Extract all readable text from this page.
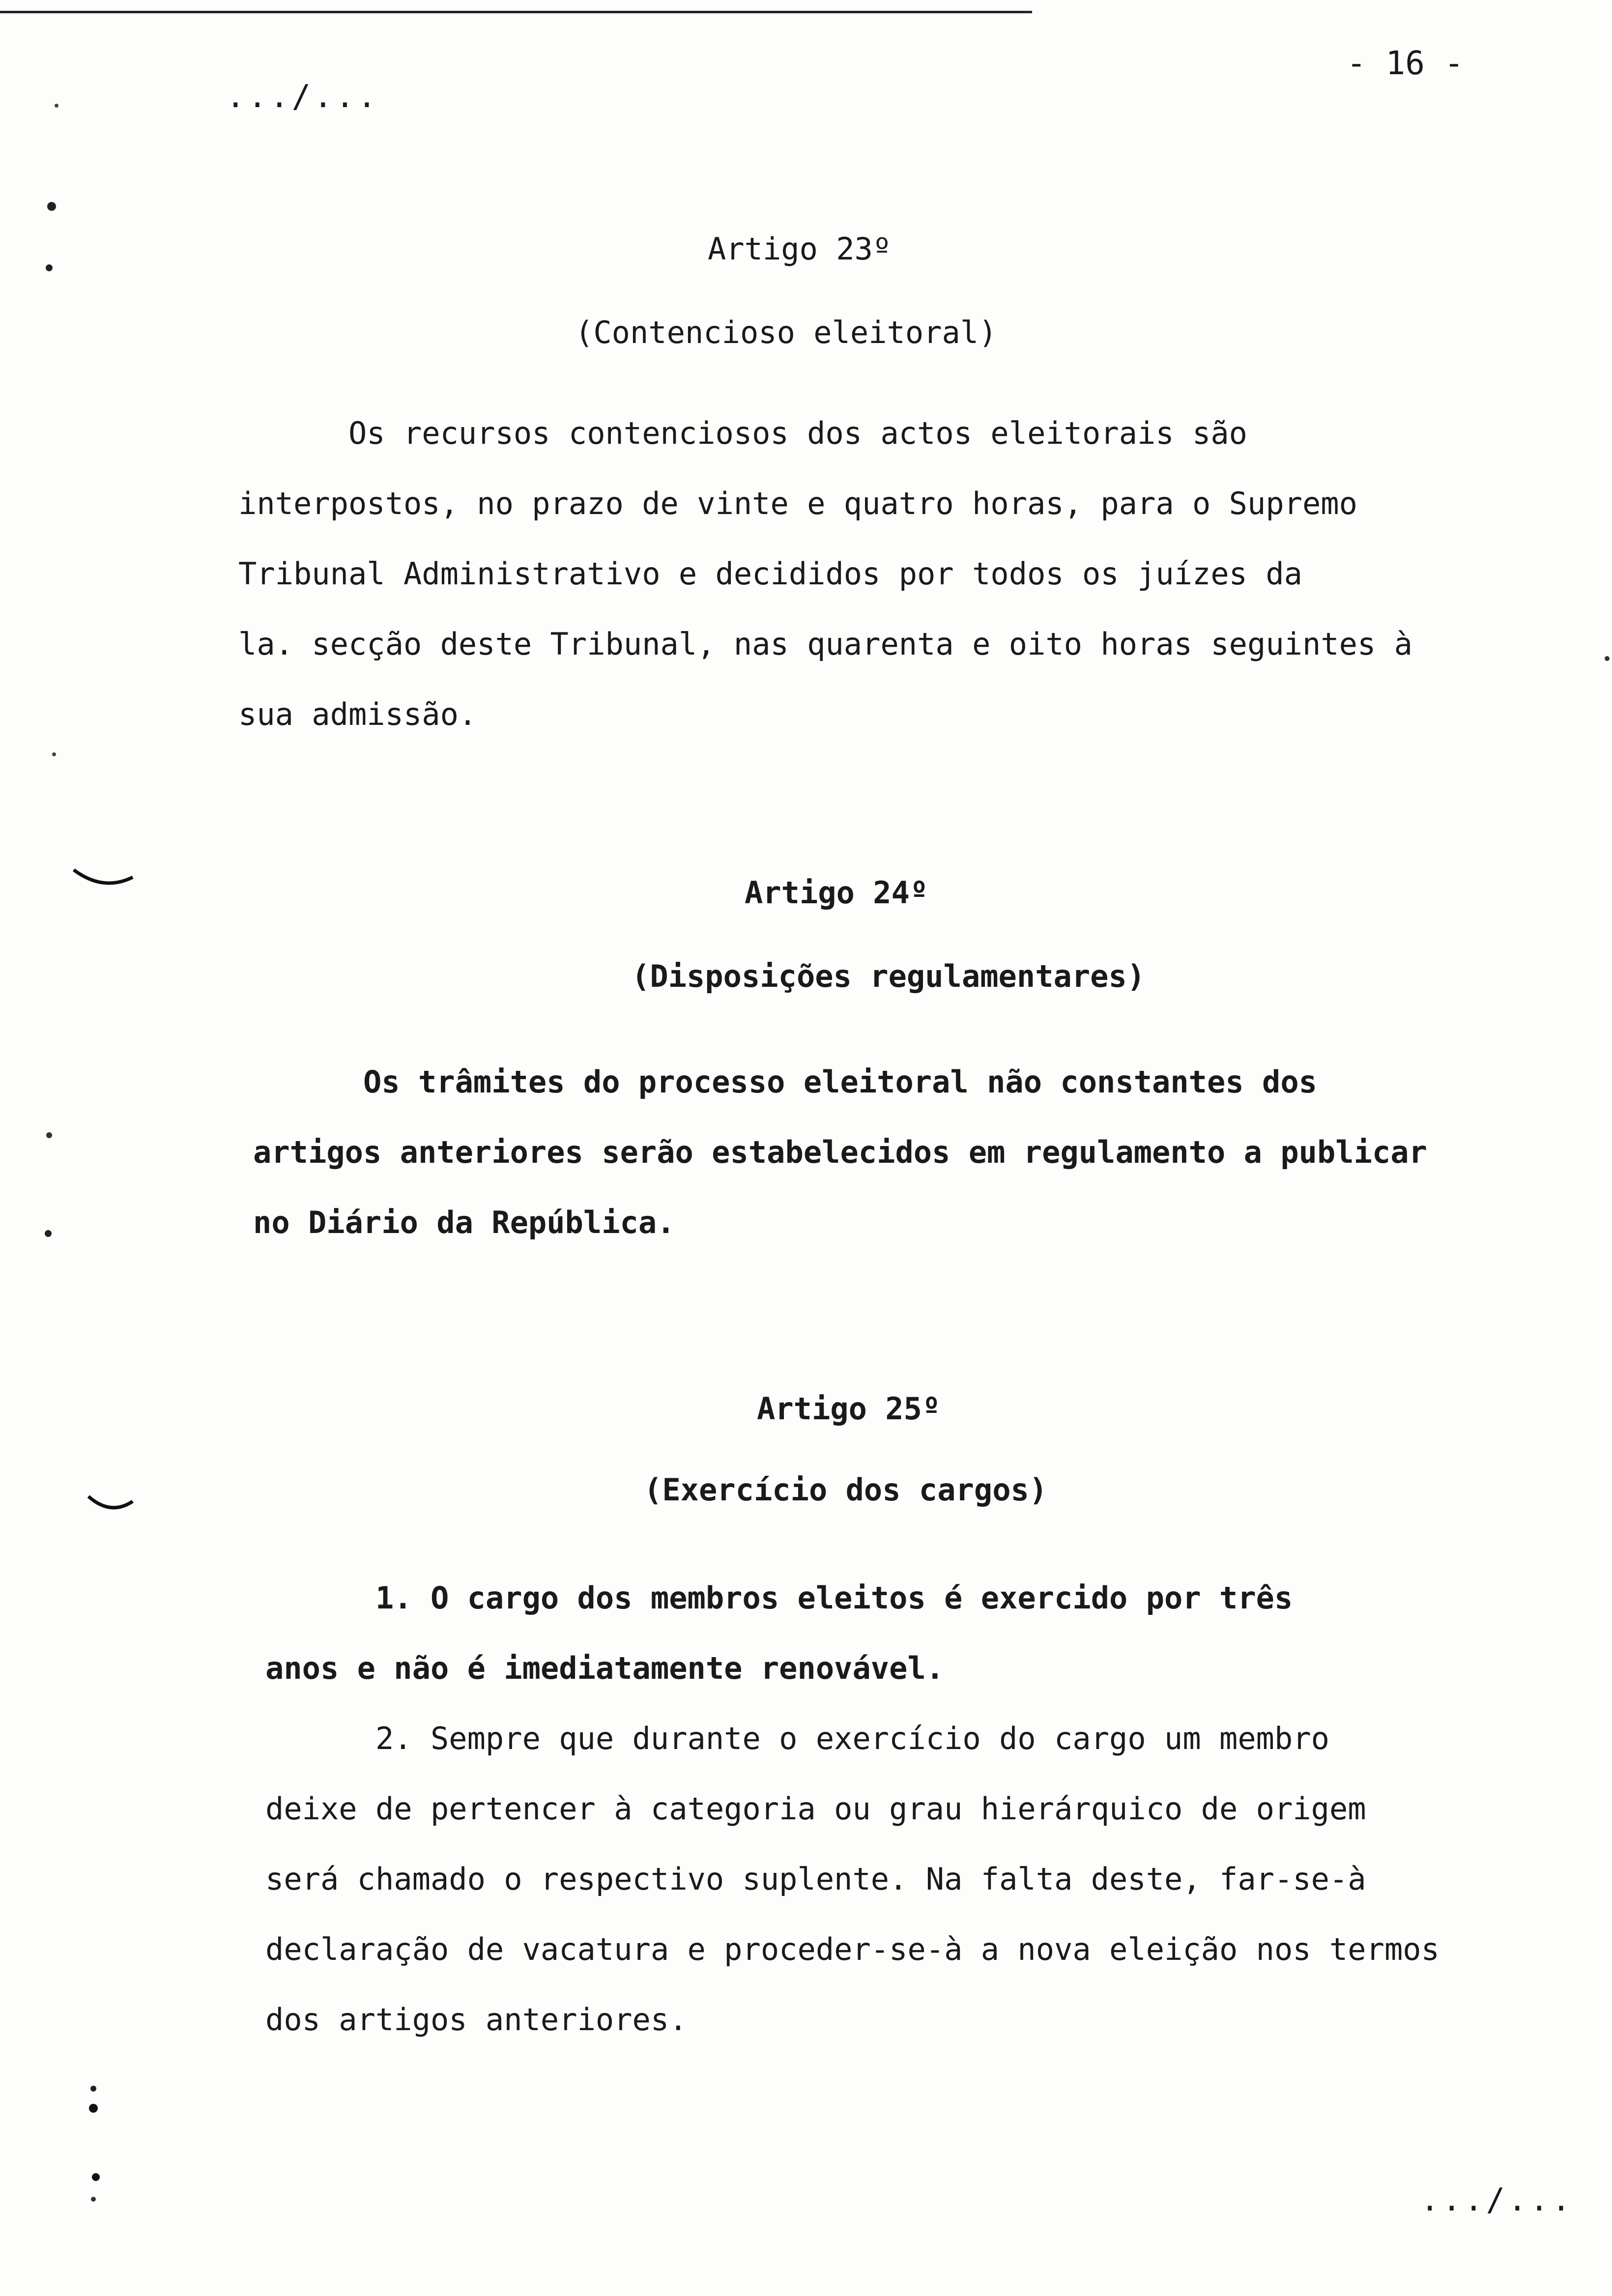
.../...
- 16 -
Artigo 23º
(Contencioso eleitoral)
Os recursos contenciosos dos actos eleitorais são
interpostos, no prazo de vinte e quatro horas, para o Supremo
Tribunal Administrativo e decididos por todos os juízes da
la. secção deste Tribunal, nas quarenta e oito horas seguintes à
sua admissão.
Artigo 24º
(Disposições regulamentares)
Os trâmites do processo eleitoral não constantes dos
artigos anteriores serão estabelecidos em regulamento a publicar
no Diário da República.
Artigo 25º
(Exercício dos cargos)
1. O cargo dos membros eleitos é exercido por três
anos e não é imediatamente renovável.
2. Sempre que durante o exercício do cargo um membro
deixe de pertencer à categoria ou grau hierárquico de origem
será chamado o respectivo suplente. Na falta deste, far-se-à
declaração de vacatura e proceder-se-à a nova eleição nos termos
dos artigos anteriores.
.../...
